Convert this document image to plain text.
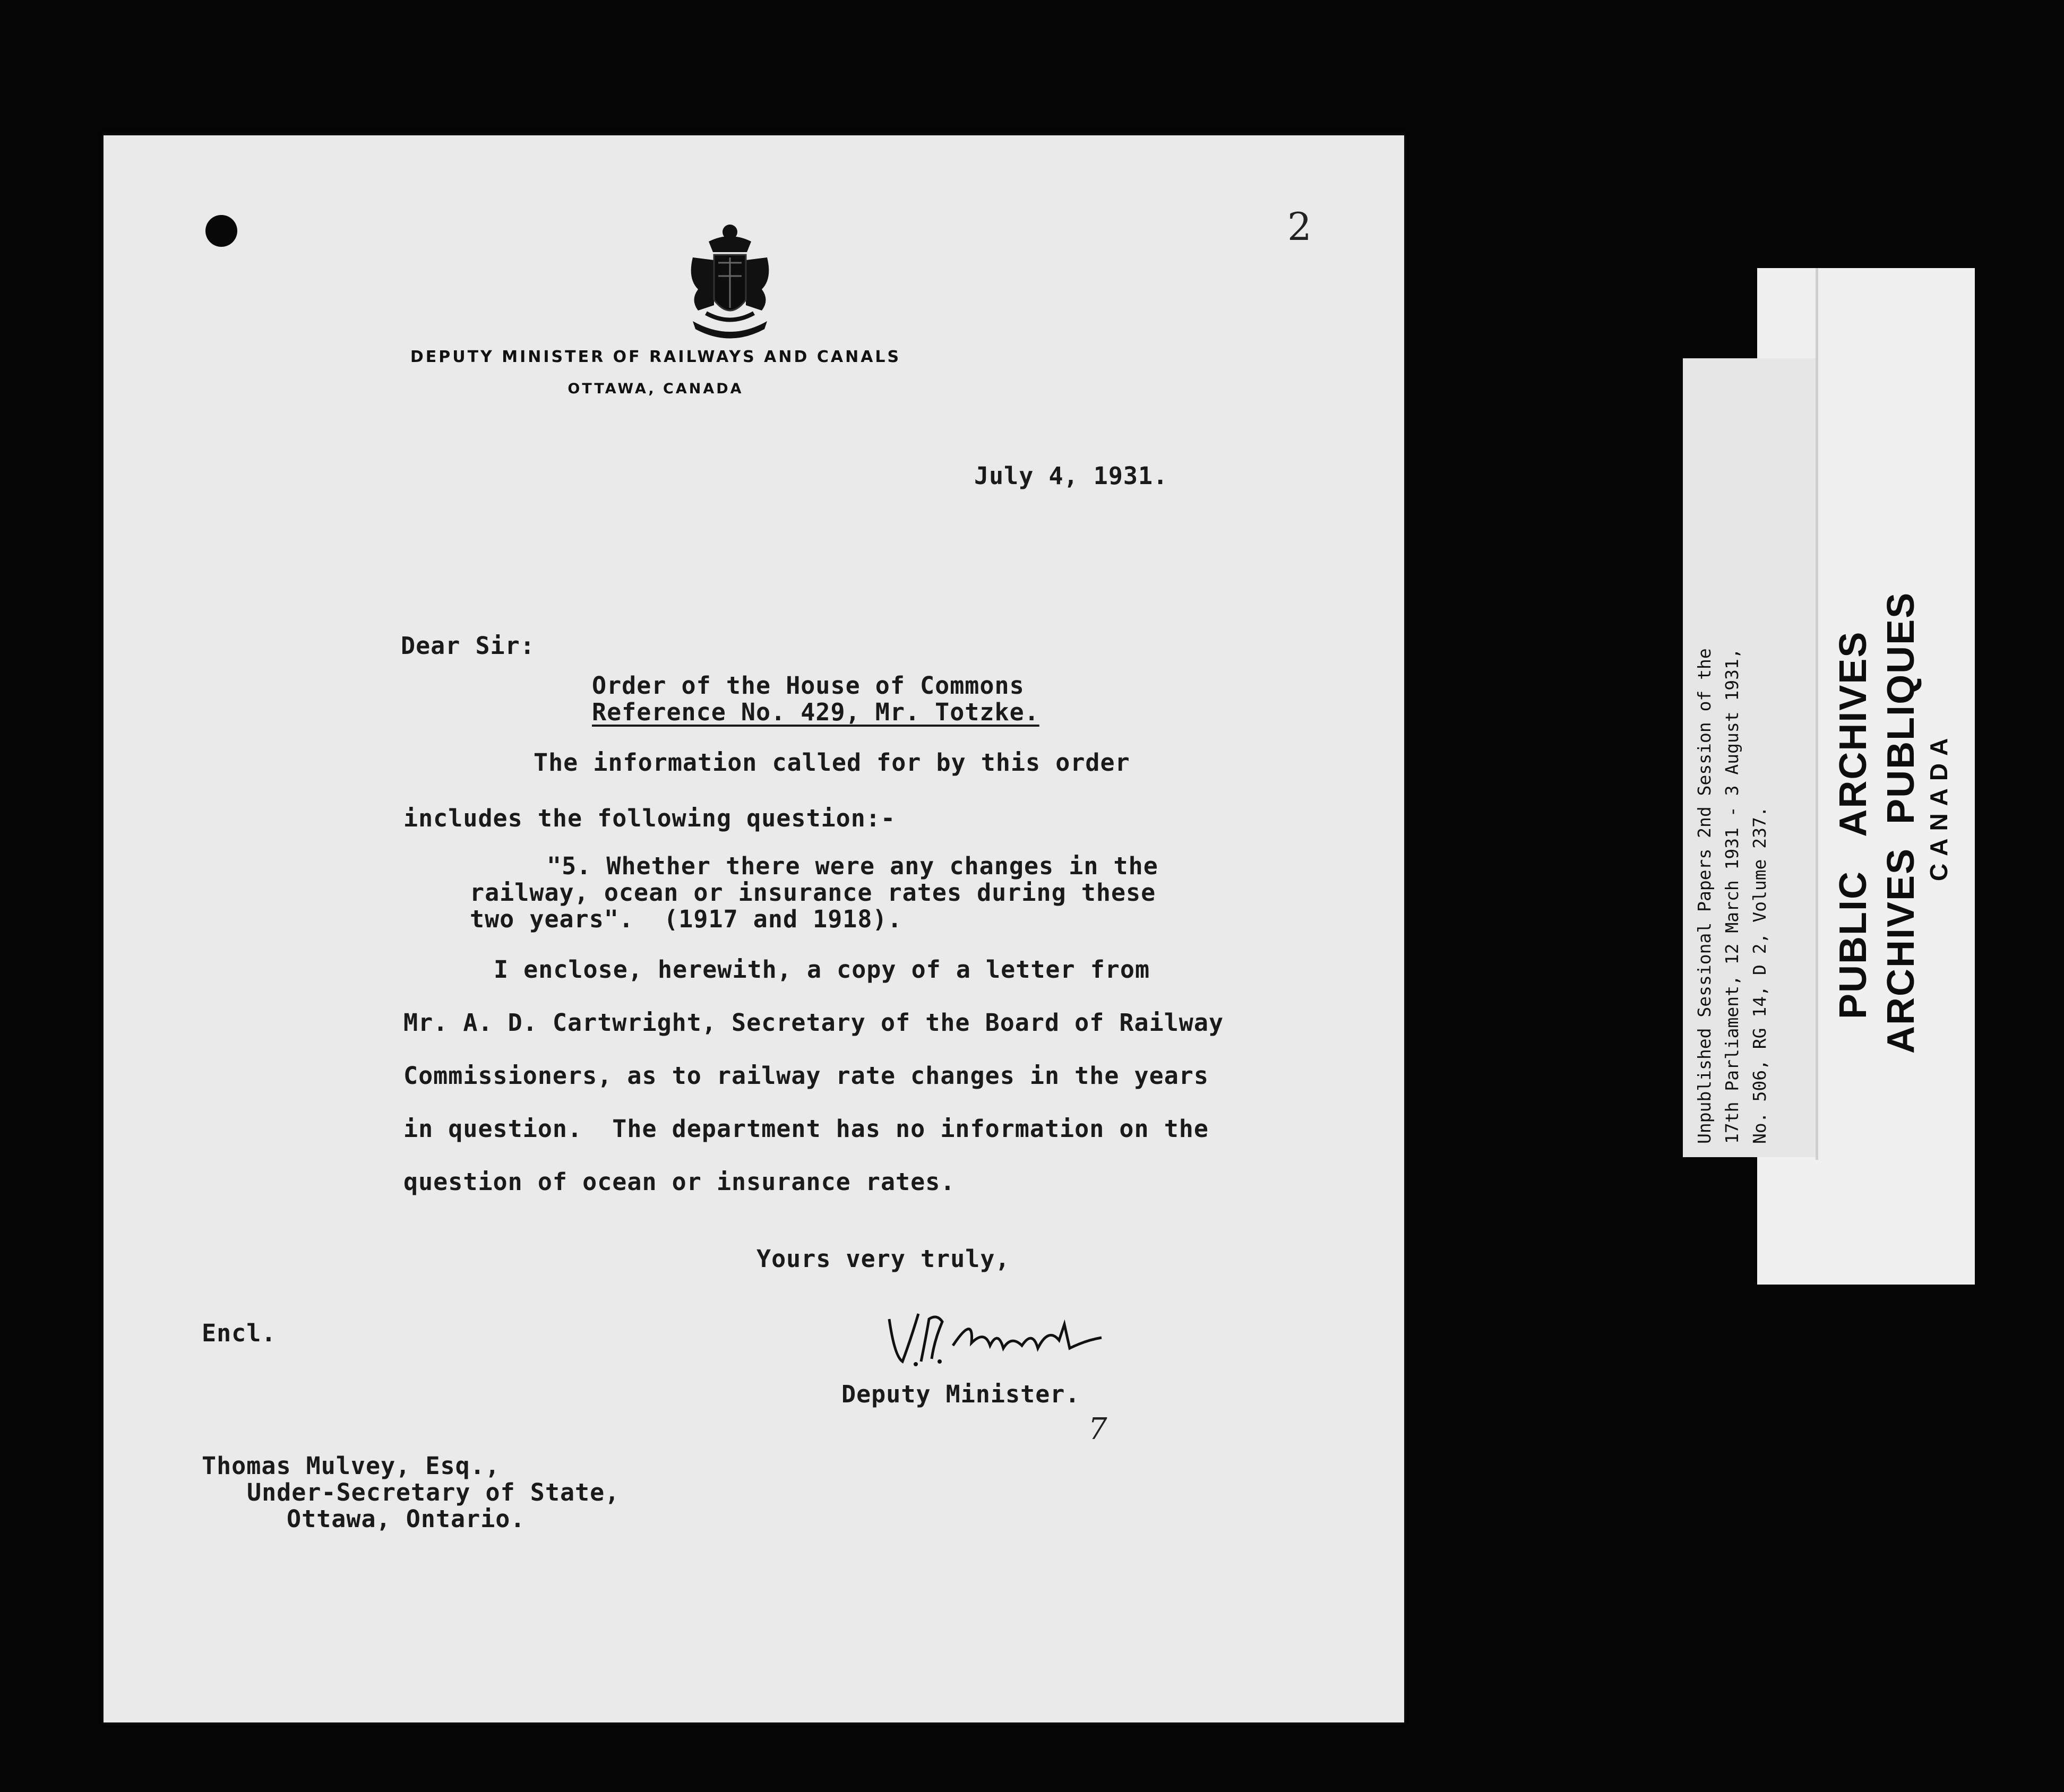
2
DEPUTY MINISTER OF RAILWAYS AND CANALS
OTTAWA, CANADA
July 4, 1931.
Dear Sir:
Order of the House of Commons
Reference No. 429, Mr. Totzke.
The information called for by this order
includes the following question:-
"5. Whether there were any changes in the
railway, ocean or insurance rates during these
two years".  (1917 and 1918).
I enclose, herewith, a copy of a letter from
Mr. A. D. Cartwright, Secretary of the Board of Railway
Commissioners, as to railway rate changes in the years
in question.  The department has no information on the
question of ocean or insurance rates.
Yours very truly,
Encl.
Deputy Minister.
7
Thomas Mulvey, Esq.,
Under-Secretary of State,
Ottawa, Ontario.
Unpublished Sessional Papers 2nd Session of the 17th Parliament, 12 March 1931 - 3 August 1931, No. 506, RG 14, D 2, Volume 237. PUBLIC   ARCHIVES ARCHIVES  PUBLIQUES CANADA
